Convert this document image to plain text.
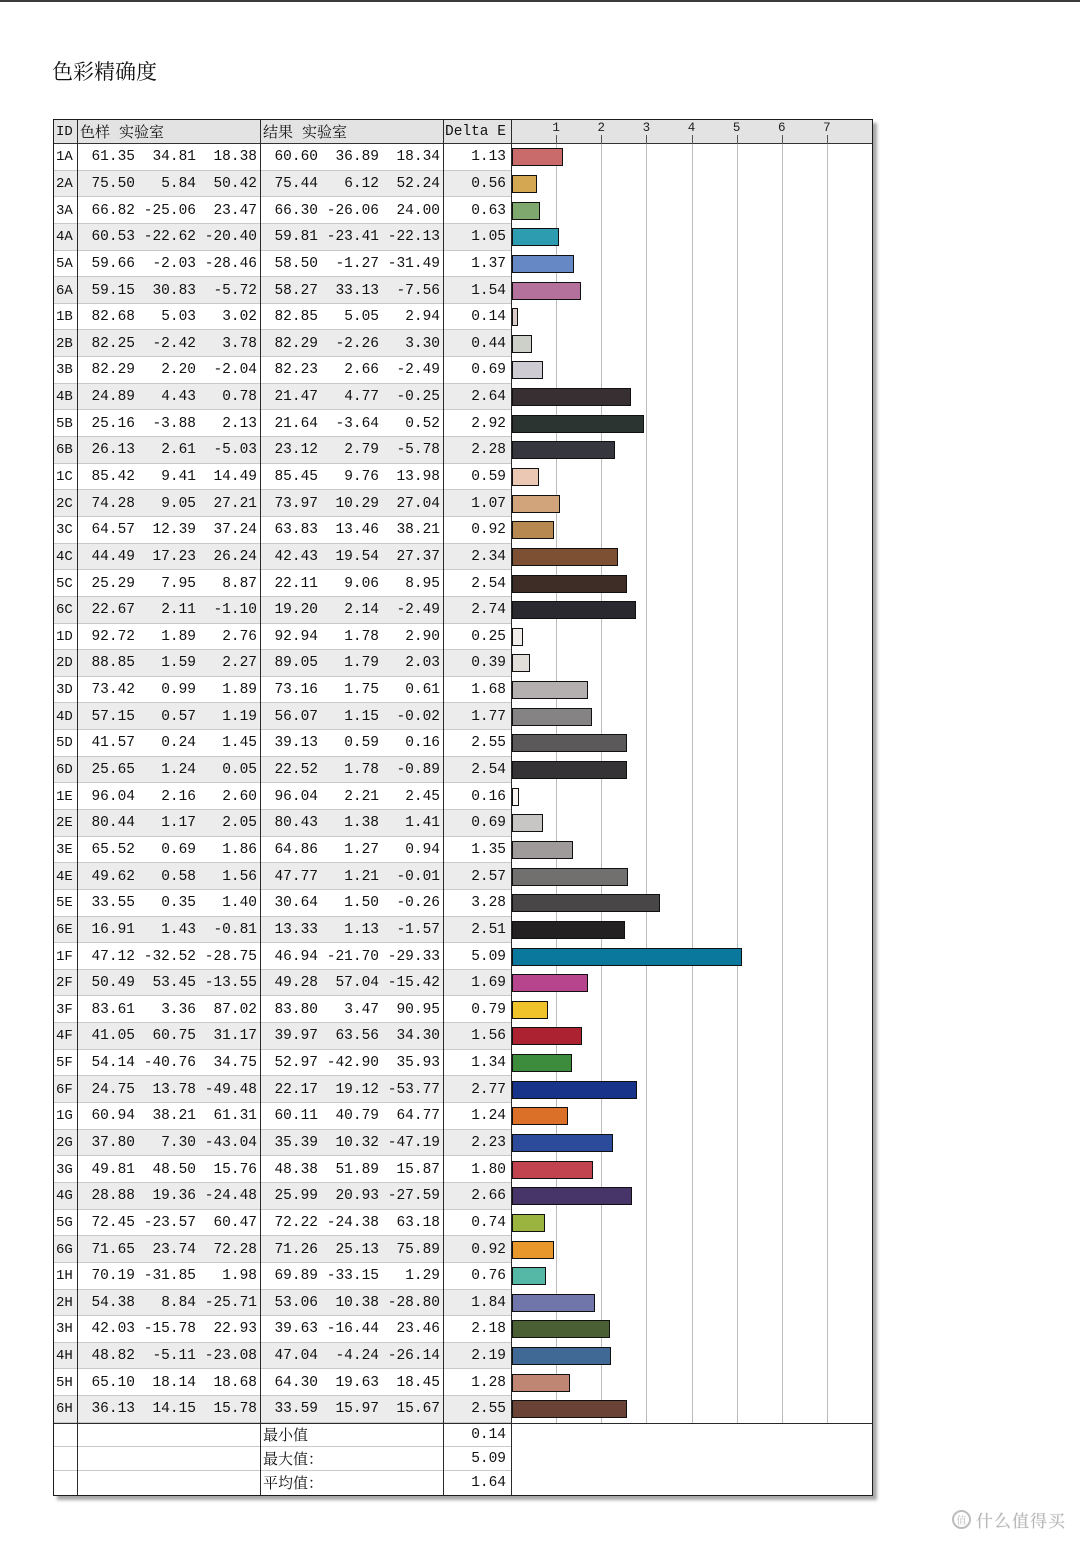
色彩精确度
ID 色样 实验室	结果 实验室	Delta E	1	2	3	4	5	6	7
1A	61.35	34.81	18.38	60.60	36.89	18.34	1.13
2A	75.50	5.84	50.42	75.44	6.12	52.24	0.56
3A	66.82 -25.06	23.47	66.30 -26.06	24.00	0.63
4A	60.53 -22.62 -20.40	59.81 -23.41 -22.13	1.05
5A	59.66	-2.03 -28.46	58.50	-1.27 -31.49	1.37
6A	59.15	30.83	-5.72	58.27	33.13	-7.56	1.54
1B	82.68	5.03	3.02	82.85	5.05	2.94	0.14
2B	82.25	-2.42	3.78	82.29	-2.26	3.30	0.44
3B	82.29	2.20	-2.04	82.23	2.66	-2.49	0.69
4B	24.89	4.43	0.78	21.47	4.77	-0.25	2.64
5B	25.16	-3.88	2.13	21.64	-3.64	0.52	2.92
6B	26.13	2.61	-5.03	23.12	2.79	-5.78	2.28
1C	85.42	9.41	14.49	85.45	9.76	13.98	0.59
2C	74.28	9.05	27.21	73.97	10.29	27.04	1.07
3C	64.57	12.39	37.24	63.83	13.46	38.21	0.92
4C	44.49	17.23	26.24	42.43	19.54	27.37	2.34
5C	25.29	7.95	8.87	22.11	9.06	8.95	2.54
6C	22.67	2.11	-1.10	19.20	2.14	-2.49	2.74
1D	92.72	1.89	2.76	92.94	1.78	2.90	0.25
2D	88.85	1.59	2.27	89.05	1.79	2.03	0.39
3D	73.42	0.99	1.89	73.16	1.75	0.61	1.68
4D	57.15	0.57	1.19	56.07	1.15	-0.02	1.77
5D	41.57	0.24	1.45	39.13	0.59	0.16	2.55
6D	25.65	1.24	0.05	22.52	1.78	-0.89	2.54
1E	96.04	2.16	2.60	96.04	2.21	2.45	0.16
2E	80.44	1.17	2.05	80.43	1.38	1.41	0.69
3E	65.52	0.69	1.86	64.86	1.27	0.94	1.35
4E	49.62	0.58	1.56	47.77	1.21	-0.01	2.57
5E	33.55	0.35	1.40	30.64	1.50	-0.26	3.28
6E	16.91	1.43	-0.81	13.33	1.13	-1.57	2.51
1F	47.12 -32.52 -28.75	46.94 -21.70 -29.33	5.09
2F	50.49	53.45 -13.55	49.28	57.04 -15.42	1.69
3F	83.61	3.36	87.02	83.80	3.47	90.95	0.79
4F	41.05	60.75	31.17	39.97	63.56	34.30	1.56
5F	54.14 -40.76	34.75	52.97 -42.90	35.93	1.34
6F	24.75	13.78 -49.48	22.17	19.12 -53.77	2.77
1G	60.94	38.21	61.31	60.11	40.79	64.77	1.24
2G	37.80	7.30 -43.04	35.39	10.32 -47.19	2.23
3G	49.81	48.50	15.76	48.38	51.89	15.87	1.80
4G	28.88	19.36 -24.48	25.99	20.93 -27.59	2.66
5G	72.45 -23.57	60.47	72.22 -24.38	63.18	0.74
6G	71.65	23.74	72.28	71.26	25.13	75.89	0.92
1H	70.19 -31.85	1.98	69.89 -33.15	1.29	0.76
2H	54.38	8.84 -25.71	53.06	10.38 -28.80	1.84
3H	42.03 -15.78	22.93	39.63 -16.44	23.46	2.18
4H	48.82	-5.11 -23.08	47.04	-4.24 -26.14	2.19
5H	65.10	18.14	18.68	64.30	19.63	18.45	1.28
6H	36.13	14.15	15.78	33.59	15.97	15.67	2.55
最小值	0.14
最大值：	5.09
平均值：	1.64
值 什么值得买
